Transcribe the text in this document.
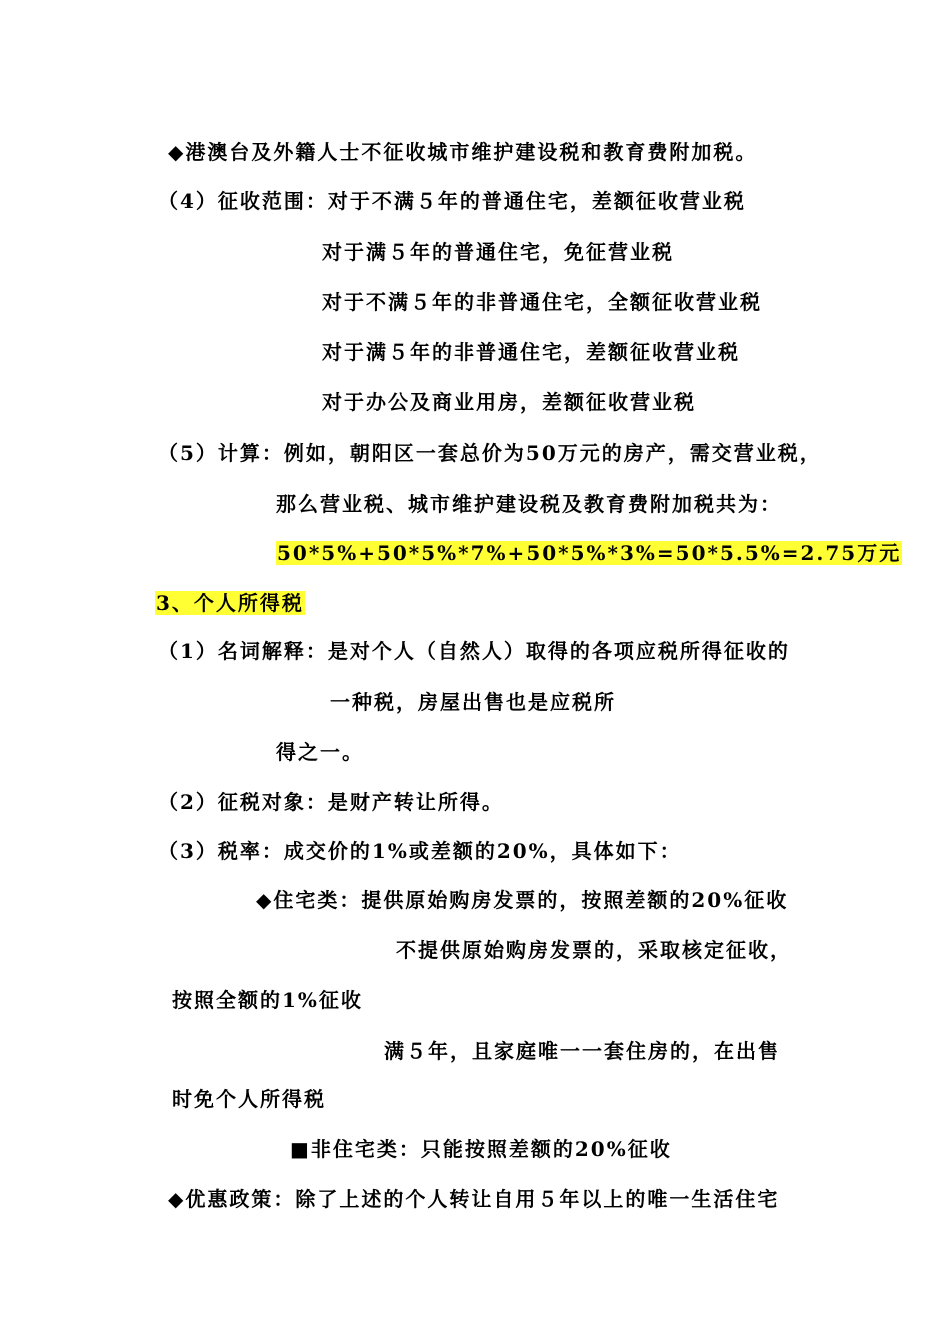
◆港澳台及外籍人士不征收城市维护建设税和教育费附加税。
（4）征收范围：对于不满５年的普通住宅，差额征收营业税
对于满５年的普通住宅，免征营业税
对于不满５年的非普通住宅，全额征收营业税
对于满５年的非普通住宅，差额征收营业税
对于办公及商业用房，差额征收营业税
（5）计算：例如，朝阳区一套总价为50万元的房产，需交营业税，
那么营业税、城市维护建设税及教育费附加税共为：
50*5%+50*5%*7%+50*5%*3%=50*5.5%=2.75万元
3、个人所得税
（1）名词解释：是对个人（自然人）取得的各项应税所得征收的
一种税，房屋出售也是应税所
得之一。
（2）征税对象：是财产转让所得。
（3）税率：成交价的1%或差额的20%，具体如下：
◆住宅类：提供原始购房发票的，按照差额的20%征收
不提供原始购房发票的，采取核定征收，
按照全额的1%征收
满５年，且家庭唯一一套住房的，在出售
时免个人所得税
■非住宅类：只能按照差额的20%征收
◆优惠政策：除了上述的个人转让自用５年以上的唯一生活住宅
